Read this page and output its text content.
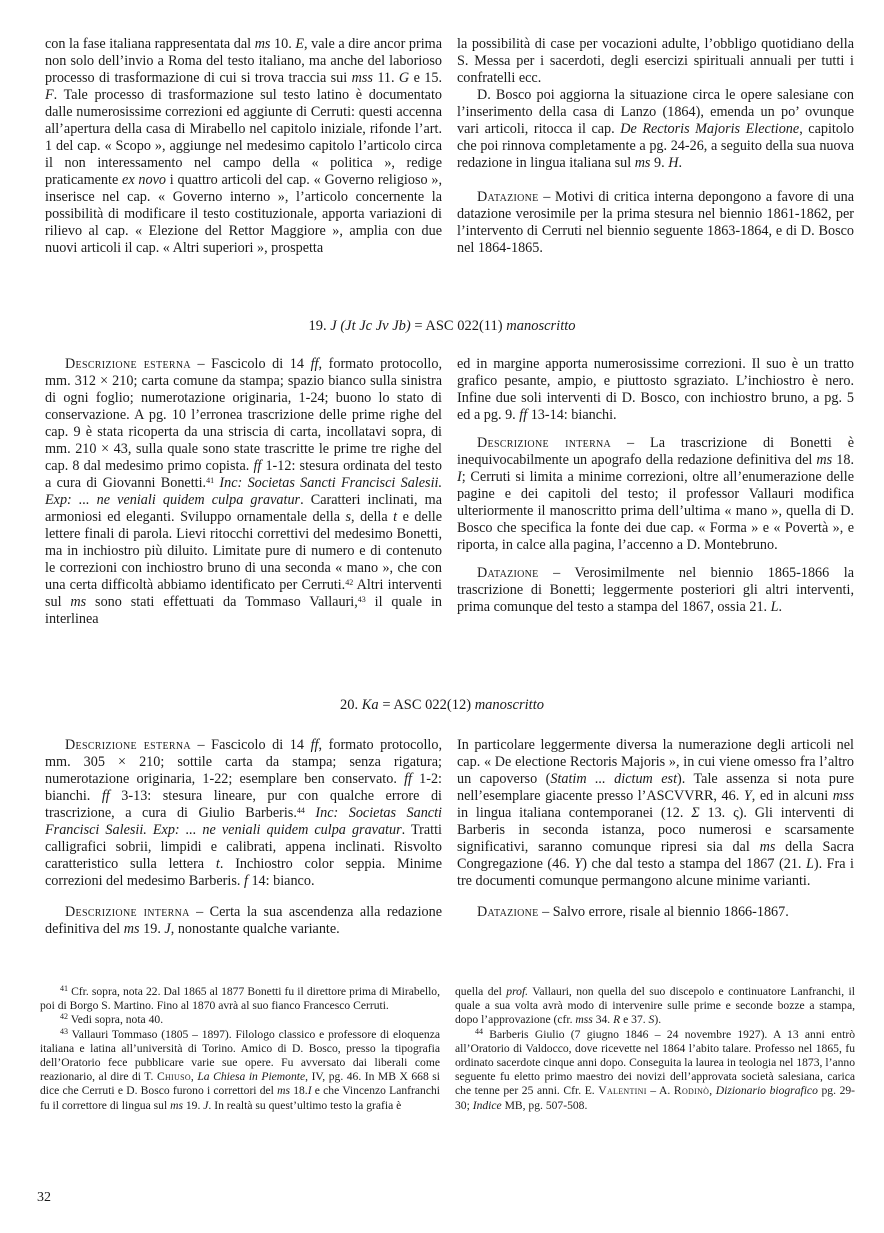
con la fase italiana rappresentata dal ms 10. E, vale a dire ancor prima non solo dell’invio a Roma del testo italiano, ma anche del laborioso processo di trasformazione di cui si trova traccia sui mss 11. G e 15. F. Tale processo di trasformazione sul testo latino è documentato dalle numerosissime correzioni ed aggiunte di Cerruti: questi accenna all’apertura della casa di Mirabello nel capitolo iniziale, rifonde l’art. 1 del cap. « Scopo », aggiunge nel medesimo capitolo l’articolo circa il non interessamento nel campo della « politica », redige praticamente ex novo i quattro articoli del cap. « Governo religioso », inserisce nel cap. « Governo interno », l’articolo concernente la possibilità di modificare il testo costituzionale, apporta variazioni di rilievo al cap. « Elezione del Rettor Maggiore », amplia con due nuovi articoli il cap. « Altri superiori », prospetta

la possibilità di case per vocazioni adulte, l’obbligo quotidiano della S. Messa per i sacerdoti, degli esercizi spirituali annuali per tutti i confratelli ecc.

D. Bosco poi aggiorna la situazione circa le opere salesiane con l’inserimento della casa di Lanzo (1864), emenda un po’ ovunque vari articoli, ritocca il cap. De Rectoris Majoris Electione, capitolo che poi rinnova completamente a pg. 24-26, a seguito della sua nuova redazione in lingua italiana sul ms 9. H.

Datazione – Motivi di critica interna depongono a favore di una datazione verosimile per la prima stesura nel biennio 1861-1862, per l’intervento di Cerruti nel biennio seguente 1863-1864, e di D. Bosco nel 1864-1865.

19. J (Jt Jc Jv Jb) = ASC 022(11) manoscritto

Descrizione esterna – Fascicolo di 14 ff, formato protocollo, mm. 312 × 210; carta comune da stampa; spazio bianco sulla sinistra di ogni foglio; numerotazione originaria, 1-24; buono lo stato di conservazione. A pg. 10 l’erronea trascrizione delle prime righe del cap. 9 è stata ricoperta da una striscia di carta, incollatavi sopra, di mm. 210 × 43, sulla quale sono state trascritte le prime tre righe del cap. 8 dal medesimo primo copista. ff 1-12: stesura ordinata del testo a cura di Giovanni Bonetti.$^{41}$ Inc: Societas Sancti Francisci Salesii. Exp: ... ne veniali quidem culpa gravatur. Caratteri inclinati, ma armoniosi ed eleganti. Sviluppo ornamentale della s, della t e delle lettere finali di parola. Lievi ritocchi correttivi del medesimo Bonetti, ma in inchiostro più diluito. Limitate pure di numero e di contenuto le correzioni con inchiostro bruno di una seconda « mano », che con una certa difficoltà abbiamo identificato per Cerruti.$^{42}$ Altri interventi sul ms sono stati effettuati da Tommaso Vallauri,$^{43}$ il quale in interlinea

ed in margine apporta numerosissime correzioni. Il suo è un tratto grafico pesante, ampio, e piuttosto sgraziato. L’inchiostro è nero. Infine due soli interventi di D. Bosco, con inchiostro bruno, a pg. 5 ed a pg. 9. ff 13-14: bianchi.

Descrizione interna – La trascrizione di Bonetti è inequivocabilmente un apografo della redazione definitiva del ms 18. I; Cerruti si limita a minime correzioni, oltre all’enumerazione delle pagine e dei capitoli del testo; il professor Vallauri modifica ulteriormente il manoscritto prima dell’ultima « mano », quella di D. Bosco che specifica la fonte dei due cap. « Forma » e « Povertà », e riporta, in calce alla pagina, l’accenno a D. Montebruno.

Datazione – Verosimilmente nel biennio 1865-1866 la trascrizione di Bonetti; leggermente posteriori gli altri interventi, prima comunque del testo a stampa del 1867, ossia 21. L.

20. Ka = ASC 022(12) manoscritto

Descrizione esterna – Fascicolo di 14 ff, formato protocollo, mm. 305 × 210; sottile carta da stampa; senza rigatura; numerotazione originaria, 1-22; esemplare ben conservato. ff 1-2: bianchi. ff 3-13: stesura lineare, pur con qualche errore di trascrizione, a cura di Giulio Barberis.$^{44}$ Inc: Societas Sancti Francisci Salesii. Exp: ... ne veniali quidem culpa gravatur. Tratti calligrafici sobrii, limpidi e calibrati, appena inclinati. Risvolto caratteristico sulla lettera t. Inchiostro color seppia. Minime correzioni del medesimo Barberis. f 14: bianco.

Descrizione interna – Certa la sua ascendenza alla redazione definitiva del ms 19. J, nonostante qualche variante.

In particolare leggermente diversa la numerazione degli articoli nel cap. « De electione Rectoris Majoris », in cui viene omesso fra l’altro un capoverso (Statim ... dictum est). Tale assenza si nota pure nell’esemplare giacente presso l’ASCVVRR, 46. Y, ed in alcuni mss in lingua italiana contemporanei (12. Σ 13. ς). Gli interventi di Barberis in seconda istanza, poco numerosi e scarsamente significativi, saranno comunque ripresi sia dal ms della Sacra Congregazione (46. Y) che dal testo a stampa del 1867 (21. L). Fra i tre documenti comunque permangono alcune minime varianti.

Datazione – Salvo errore, risale al biennio 1866-1867.

$^{41}$ Cfr. sopra, nota 22. Dal 1865 al 1877 Bonetti fu il direttore prima di Mirabello, poi di Borgo S. Martino. Fino al 1870 avrà al suo fianco Francesco Cerruti.

$^{42}$ Vedi sopra, nota 40.

$^{43}$ Vallauri Tommaso (1805 – 1897). Filologo classico e professore di eloquenza italiana e latina all’università di Torino. Amico di D. Bosco, presso la tipografia dell’Oratorio fece pubblicare varie sue opere. Fu avversato dai liberali come reazionario, al dire di T. Chiuso, La Chiesa in Piemonte, IV, pg. 46. In MB X 668 si dice che Cerruti e D. Bosco furono i correttori del ms 18.I e che Vincenzo Lanfranchi fu il correttore di lingua sul ms 19. J. In realtà su quest’ultimo testo la grafia è

quella del prof. Vallauri, non quella del suo discepolo e continuatore Lanfranchi, il quale a sua volta avrà modo di intervenire sulle prime e seconde bozze a stampa, dopo l’approvazione (cfr. mss 34. R e 37. S).

$^{44}$ Barberis Giulio (7 giugno 1846 – 24 novembre 1927). A 13 anni entrò all’Oratorio di Valdocco, dove ricevette nel 1864 l’abito talare. Professo nel 1865, fu ordinato sacerdote cinque anni dopo. Conseguita la laurea in teologia nel 1873, l’anno seguente fu eletto primo maestro dei novizi dell’approvata società salesiana, carica che tenne per 25 anni. Cfr. E. Valentini – A. Rodinò, Dizionario biografico pg. 29-30; Indice MB, pg. 507-508.

32
